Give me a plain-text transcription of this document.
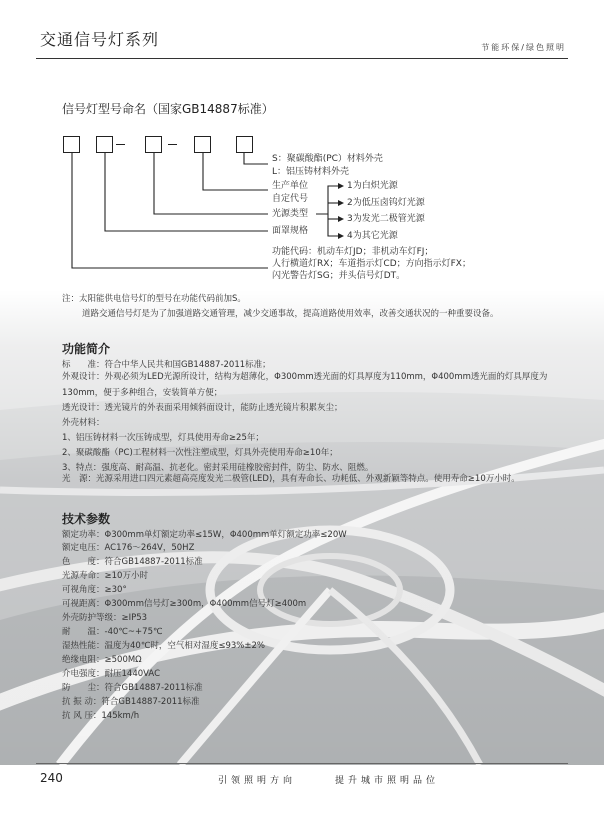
交通信号灯系列	节能环保/绿色照明
信号灯型号命名（国家GB14887标准）
S：聚碳酸酯(PC）材料外壳
L：铝压铸材料外壳
生产单位
自定代号
光源类型
面罩规格
1为白炽光源
2为低压卤钨灯光源
3为发光二极管光源
4为其它光源
功能代码：机动车灯JD；非机动车灯FJ；
人行横道灯RX；车道指示灯CD；方向指示灯FX；
闪光警告灯SG；并头信号灯DT。
注：太阳能供电信号灯的型号在功能代码前加S。
道路交通信号灯是为了加强道路交通管理，减少交通事故，提高道路使用效率，改善交通状况的一种重要设备。
功能简介
标　　准：符合中华人民共和国GB14887-2011标准；
外观设计：外观必须为LED光源所设计，结构为超薄化，Φ300mm透光面的灯具厚度为110mm，Φ400mm透光面的灯具厚度为130mm，便于多种组合，安装简单方便；
透光设计：透光镜片的外表面采用倾斜面设计，能防止透光镜片积累灰尘；
外壳材料：
1、铝压铸材料一次压铸成型，灯具使用寿命≥25年；
2、聚碳酸酯（PC)工程材料一次性注塑成型，灯具外壳使用寿命≥10年；
3、特点：强度高、耐高温、抗老化。密封采用硅橡胶密封件，防尘、防水、阻燃。
光　源：光源采用进口四元素超高亮度发光二极管(LED)，具有寿命长、功耗低、外观新颖等特点。使用寿命≥10万小时。
技术参数
额定功率：Φ300mm单灯额定功率≤15W，Φ400mm单灯额定功率≤20W
额定电压：AC176～264V，50HZ
色　　度：符合GB14887-2011标准
光源寿命：≥10万小时
可视角度：≥30°
可视距离：Φ300mm信号灯≥300m，Φ400mm信号灯≥400m
外壳防护等级：≥IP53
耐　　温：-40℃~+75℃
湿热性能：温度为40℃时，空气相对湿度≤93%±2%
绝缘电阻：≥500MΩ
介电强度：耐压1440VAC
防　　尘：符合GB14887-2011标准
抗 振 动：符合GB14887-2011标准
抗 风 压：145km/h
240	引领照明方向	提升城市照明品位
